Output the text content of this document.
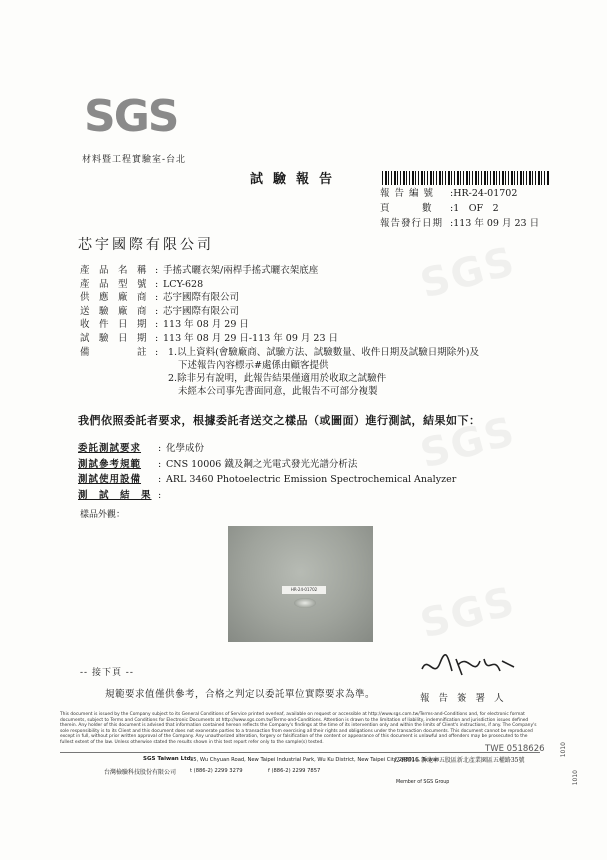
SGS
SGS
SGS
SGS
材料暨工程實驗室-台北
試驗報告
報 告 編 號	: HR-24-01702
頁　　　數	: 1　OF　2
報告發行日期 : 113 年 09 月 23 日
芯宇國際有限公司
產　品　名　稱 : 手搖式曬衣架/兩桿手搖式曬衣架底座
產　品　型　號 : LCY-628
供　應　廠　商 : 芯宇國際有限公司
送　驗　廠　商 : 芯宇國際有限公司
收　件　日　期 : 113 年 08 月 29 日
試　驗　日　期 : 113 年 08 月 29 日-113 年 09 月 23 日
備　　　　　註 :	1.以上資料(會驗廠商、試驗方法、試驗數量、收件日期及試驗日期除外)及
下述報告內容標示#處係由顧客提供
2.除非另有說明，此報告結果僅適用於收取之試驗件
未經本公司事先書面同意，此報告不可部分複製
我們依照委託者要求，根據委託者送交之樣品（或圖面）進行測試，結果如下：
委託測試要求	: 化學成份
測試參考規範	: CNS 10006 鐵及鋼之光電式發光光譜分析法
測試使用設備	: ARL 3460 Photoelectric Emission Spectrochemical Analyzer
測　試　結　果 :
樣品外觀：
HR-24-01702
-- 接下頁 --
規範要求值僅供參考，合格之判定以委託單位實際要求為準。	報 告 簽 署 人
This document is issued by the Company subject to its General Conditions of Service printed overleaf, available on request or accessible at http://www.sgs.com.tw/Terms-and-Conditions and, for electronic format documents, subject to Terms and Conditions for Electronic Documents at http://www.sgs.com.tw/Terms-and-Conditions. Attention is drawn to the limitation of liability, indemnification and jurisdiction issues defined therein. Any holder of this document is advised that information contained hereon reflects the Company's findings at the time of its intervention only and within the limits of Client's instructions, if any. The Company's sole responsibility is to its Client and this document does not exonerate parties to a transaction from exercising all their rights and obligations under the transaction documents. This document cannot be reproduced except in full, without prior written approval of the Company. Any unauthorized alteration, forgery or falsification of the content or appearance of this document is unlawful and offenders may be prosecuted to the fullest extent of the law. Unless otherwise stated the results shown in this test report refer only to the sample(s) tested.
SGS Taiwan Ltd.
台灣檢驗科技股份有限公司
35, Wu Chyuan Road, New Taipei Industrial Park, Wu Ku District, New Taipei City 248016, Taiwan
/248016 新北市五股區新北產業園區五權路35號
t (886-2) 2299 3279	f (886-2) 2299 7857
TWE 0518626
Member of SGS Group
1010
1010
